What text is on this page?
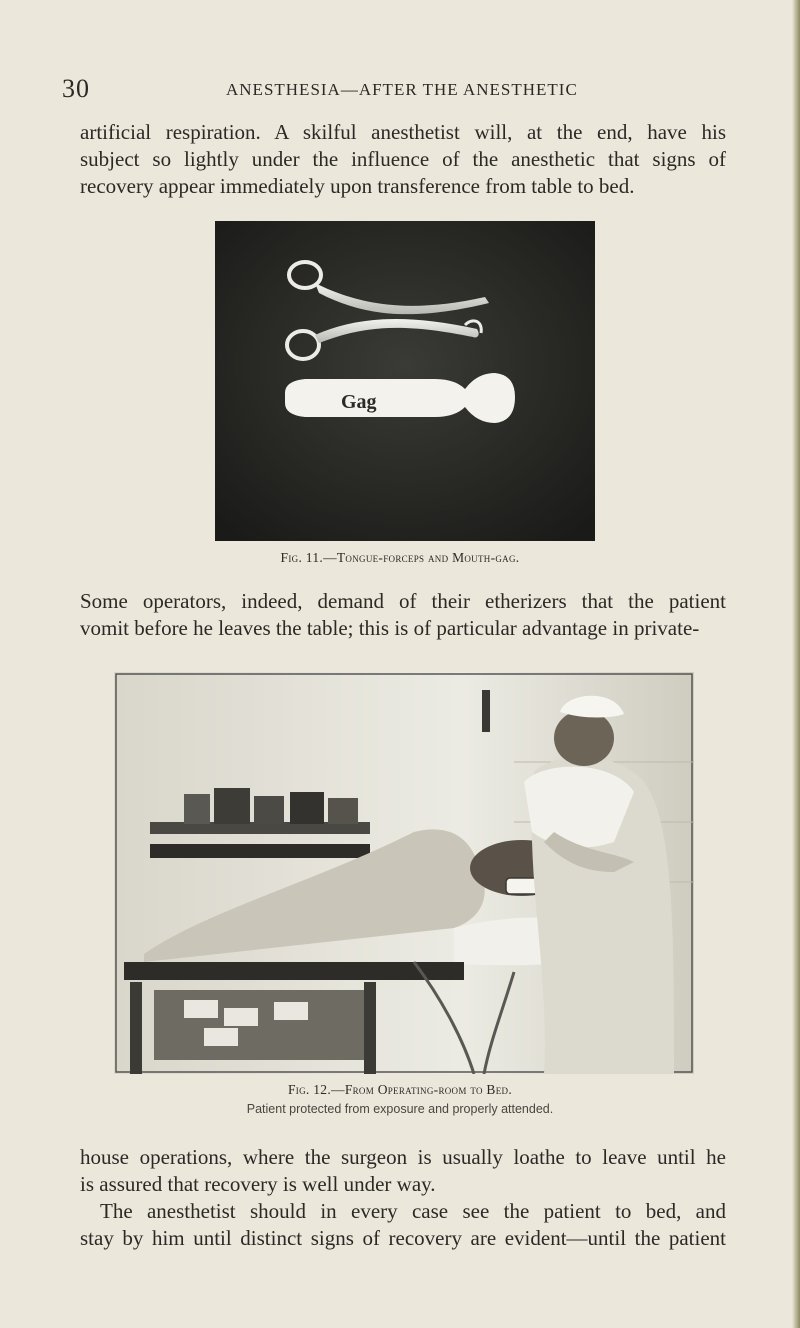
30	ANESTHESIA—AFTER THE ANESTHETIC
artificial respiration. A skilful anesthetist will, at the end, have his
subject so lightly under the influence of the anesthetic that signs of
recovery appear immediately upon transference from table to bed.
Gag
Fig. 11.—Tongue-forceps and Mouth-gag.
Some operators, indeed, demand of their etherizers that the patient
vomit before he leaves the table; this is of particular advantage in private-
Fig. 12.—From Operating-room to Bed.
Patient protected from exposure and properly attended.
house operations, where the surgeon is usually loathe to leave until he
is assured that recovery is well under way.
The anesthetist should in every case see the patient to bed, and
stay by him until distinct signs of recovery are evident—until the patient
